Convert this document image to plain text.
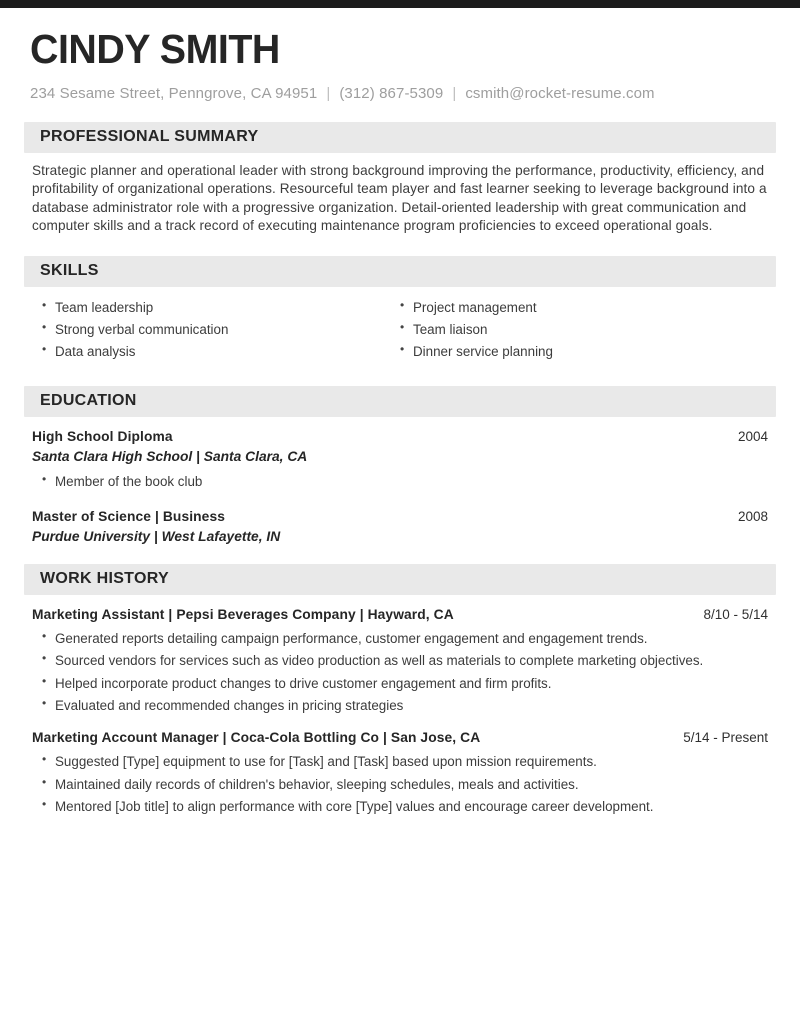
CINDY SMITH
234 Sesame Street, Penngrove, CA 94951 | (312) 867-5309 | csmith@rocket-resume.com
PROFESSIONAL SUMMARY

Strategic planner and operational leader with strong background improving the performance, productivity, efficiency, and profitability of organizational operations. Resourceful team player and fast learner seeking to leverage background into a database administrator role with a progressive organization. Detail-oriented leadership with great communication and computer skills and a track record of executing maintenance program proficiencies to exceed operational goals.

SKILLS
• Team leadership
• Strong verbal communication
• Data analysis
• Project management
• Team liaison
• Dinner service planning
EDUCATION
High School Diploma	2004
Santa Clara High School | Santa Clara, CA
• Member of the book club
Master of Science | Business	2008
Purdue University | West Lafayette, IN
WORK HISTORY
Marketing Assistant | Pepsi Beverages Company | Hayward, CA	8/10 - 5/14
• Generated reports detailing campaign performance, customer engagement and engagement trends.
• Sourced vendors for services such as video production as well as materials to complete marketing objectives.
• Helped incorporate product changes to drive customer engagement and firm profits.
• Evaluated and recommended changes in pricing strategies
Marketing Account Manager | Coca-Cola Bottling Co | San Jose, CA	5/14 - Present
• Suggested [Type] equipment to use for [Task] and [Task] based upon mission requirements.
• Maintained daily records of children's behavior, sleeping schedules, meals and activities.
• Mentored [Job title] to align performance with core [Type] values and encourage career development.
